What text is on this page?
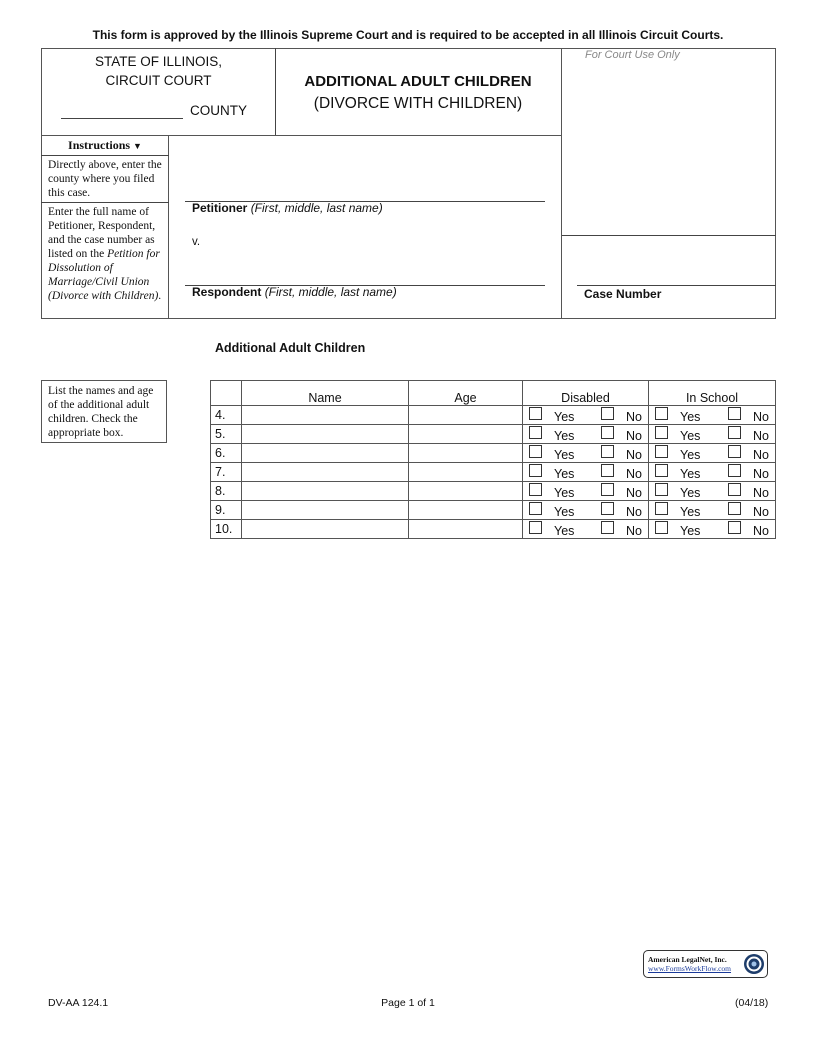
This form is approved by the Illinois Supreme Court and is required to be accepted in all Illinois Circuit Courts.
STATE OF ILLINOIS,
CIRCUIT COURT
COUNTY
ADDITIONAL ADULT CHILDREN
(DIVORCE WITH CHILDREN)
For Court Use Only
Instructions ▼
Directly above, enter the county where you filed this case.
Enter the full name of Petitioner, Respondent, and the case number as listed on the Petition for Dissolution of Marriage/Civil Union (Divorce with Children).
Petitioner (First, middle, last name)
v.
Respondent (First, middle, last name)	Case Number
Additional Adult Children
List the names and age of the additional adult children. Check the appropriate box.
	Name	Age	Disabled	In School
4.			Yes No	Yes No

5.			Yes No	Yes No

6.			Yes No	Yes No

7.			Yes No	Yes No

8.			Yes No	Yes No

9.			Yes No	Yes No

10.			Yes No	Yes No
American LegalNet, Inc.
www.FormsWorkFlow.com
DV-AA 124.1	Page 1 of 1	(04/18)
